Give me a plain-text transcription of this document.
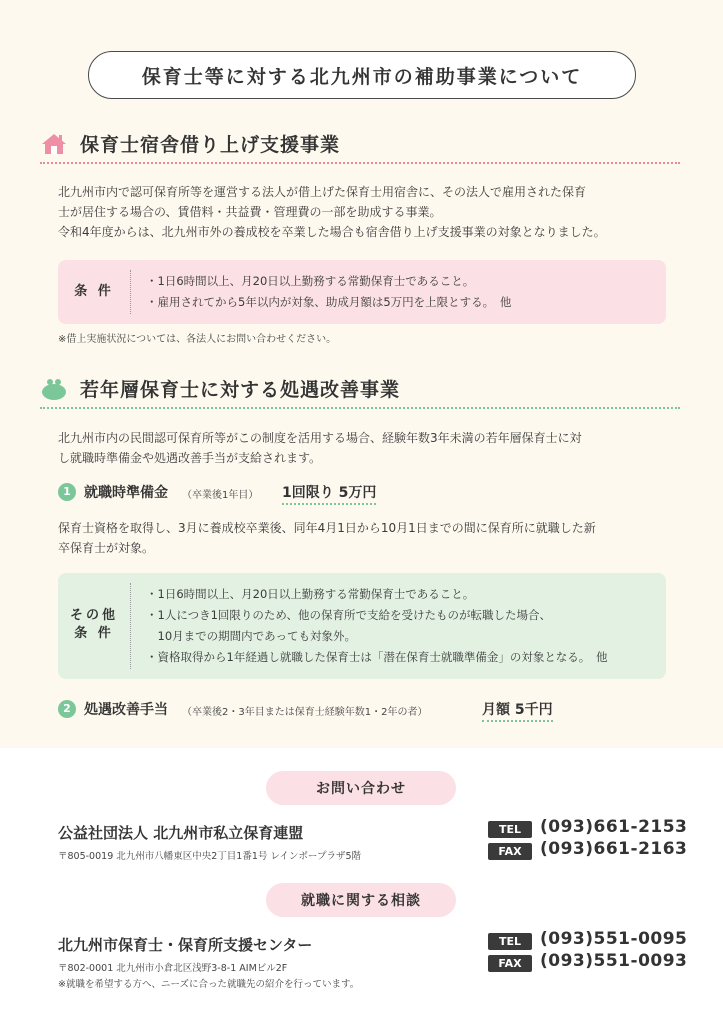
保育士等に対する北九州市の補助事業について
保育士宿舎借り上げ支援事業
北九州市内で認可保育所等を運営する法人が借上げた保育士用宿舎に、その法人で雇用された保育
士が居住する場合の、賃借料・共益費・管理費の一部を助成する事業。
令和4年度からは、北九州市外の養成校を卒業した場合も宿舎借り上げ支援事業の対象となりました。
条 件
・1日6時間以上、月20日以上勤務する常勤保育士であること。
・雇用されてから5年以内が対象、助成月額は5万円を上限とする。　他
※借上実施状況については、各法人にお問い合わせください。
若年層保育士に対する処遇改善事業
北九州市内の民間認可保育所等がこの制度を活用する場合、経験年数3年未満の若年層保育士に対
し就職時準備金や処遇改善手当が支給されます。
1 就職時準備金 （卒業後1年目） 1回限り 5万円
保育士資格を取得し、3月に養成校卒業後、同年4月1日から10月1日までの間に保育所に就職した新
卒保育士が対象。
その他
条 件
・1日6時間以上、月20日以上勤務する常勤保育士であること。
・1人につき1回限りのため、他の保育所で支給を受けたものが転職した場合、
　10月までの期間内であっても対象外。
・資格取得から1年経過し就職した保育士は「潜在保育士就職準備金」の対象となる。　他
2 処遇改善手当 （卒業後2・3年目または保育士経験年数1・2年の者）	月額 5千円
お問い合わせ
公益社団法人 北九州市私立保育連盟
〒805-0019 北九州市八幡東区中央2丁目1番1号 レインボープラザ5階
TEL	(093)661-2153
FAX	(093)661-2163
就職に関する相談
北九州市保育士・保育所支援センター
〒802-0001 北九州市小倉北区浅野3-8-1 AIMビル2F
※就職を希望する方へ、ニーズに合った就職先の紹介を行っています。
TEL	(093)551-0095
FAX	(093)551-0093
